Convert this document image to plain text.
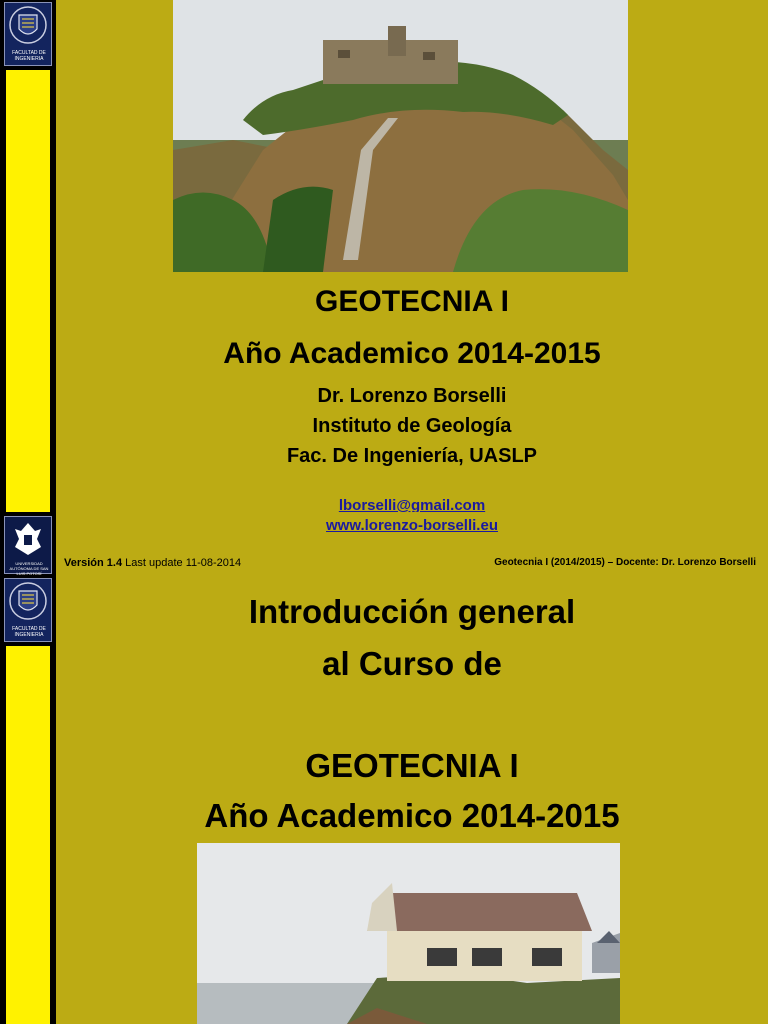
FACULTAD DE INGENIERIA
GEOTECNIA I
Año Academico 2014-2015
Dr. Lorenzo Borselli
Instituto de Geología
Fac. De Ingeniería, UASLP
lborselli@gmail.com
UNIVERSIDAD AUTÓNOMA DE SAN LUIS POTOSÍ
FACULTAD DE INGENIERIA
Introducción general
al Curso de
GEOTECNIA I
Año Academico 2014-2015
Versión 1.4 Last update 11-08-2014	Geotecnia I (2014/2015) – Docente: Dr. Lorenzo Borselli
www.lorenzo-borselli.eu
